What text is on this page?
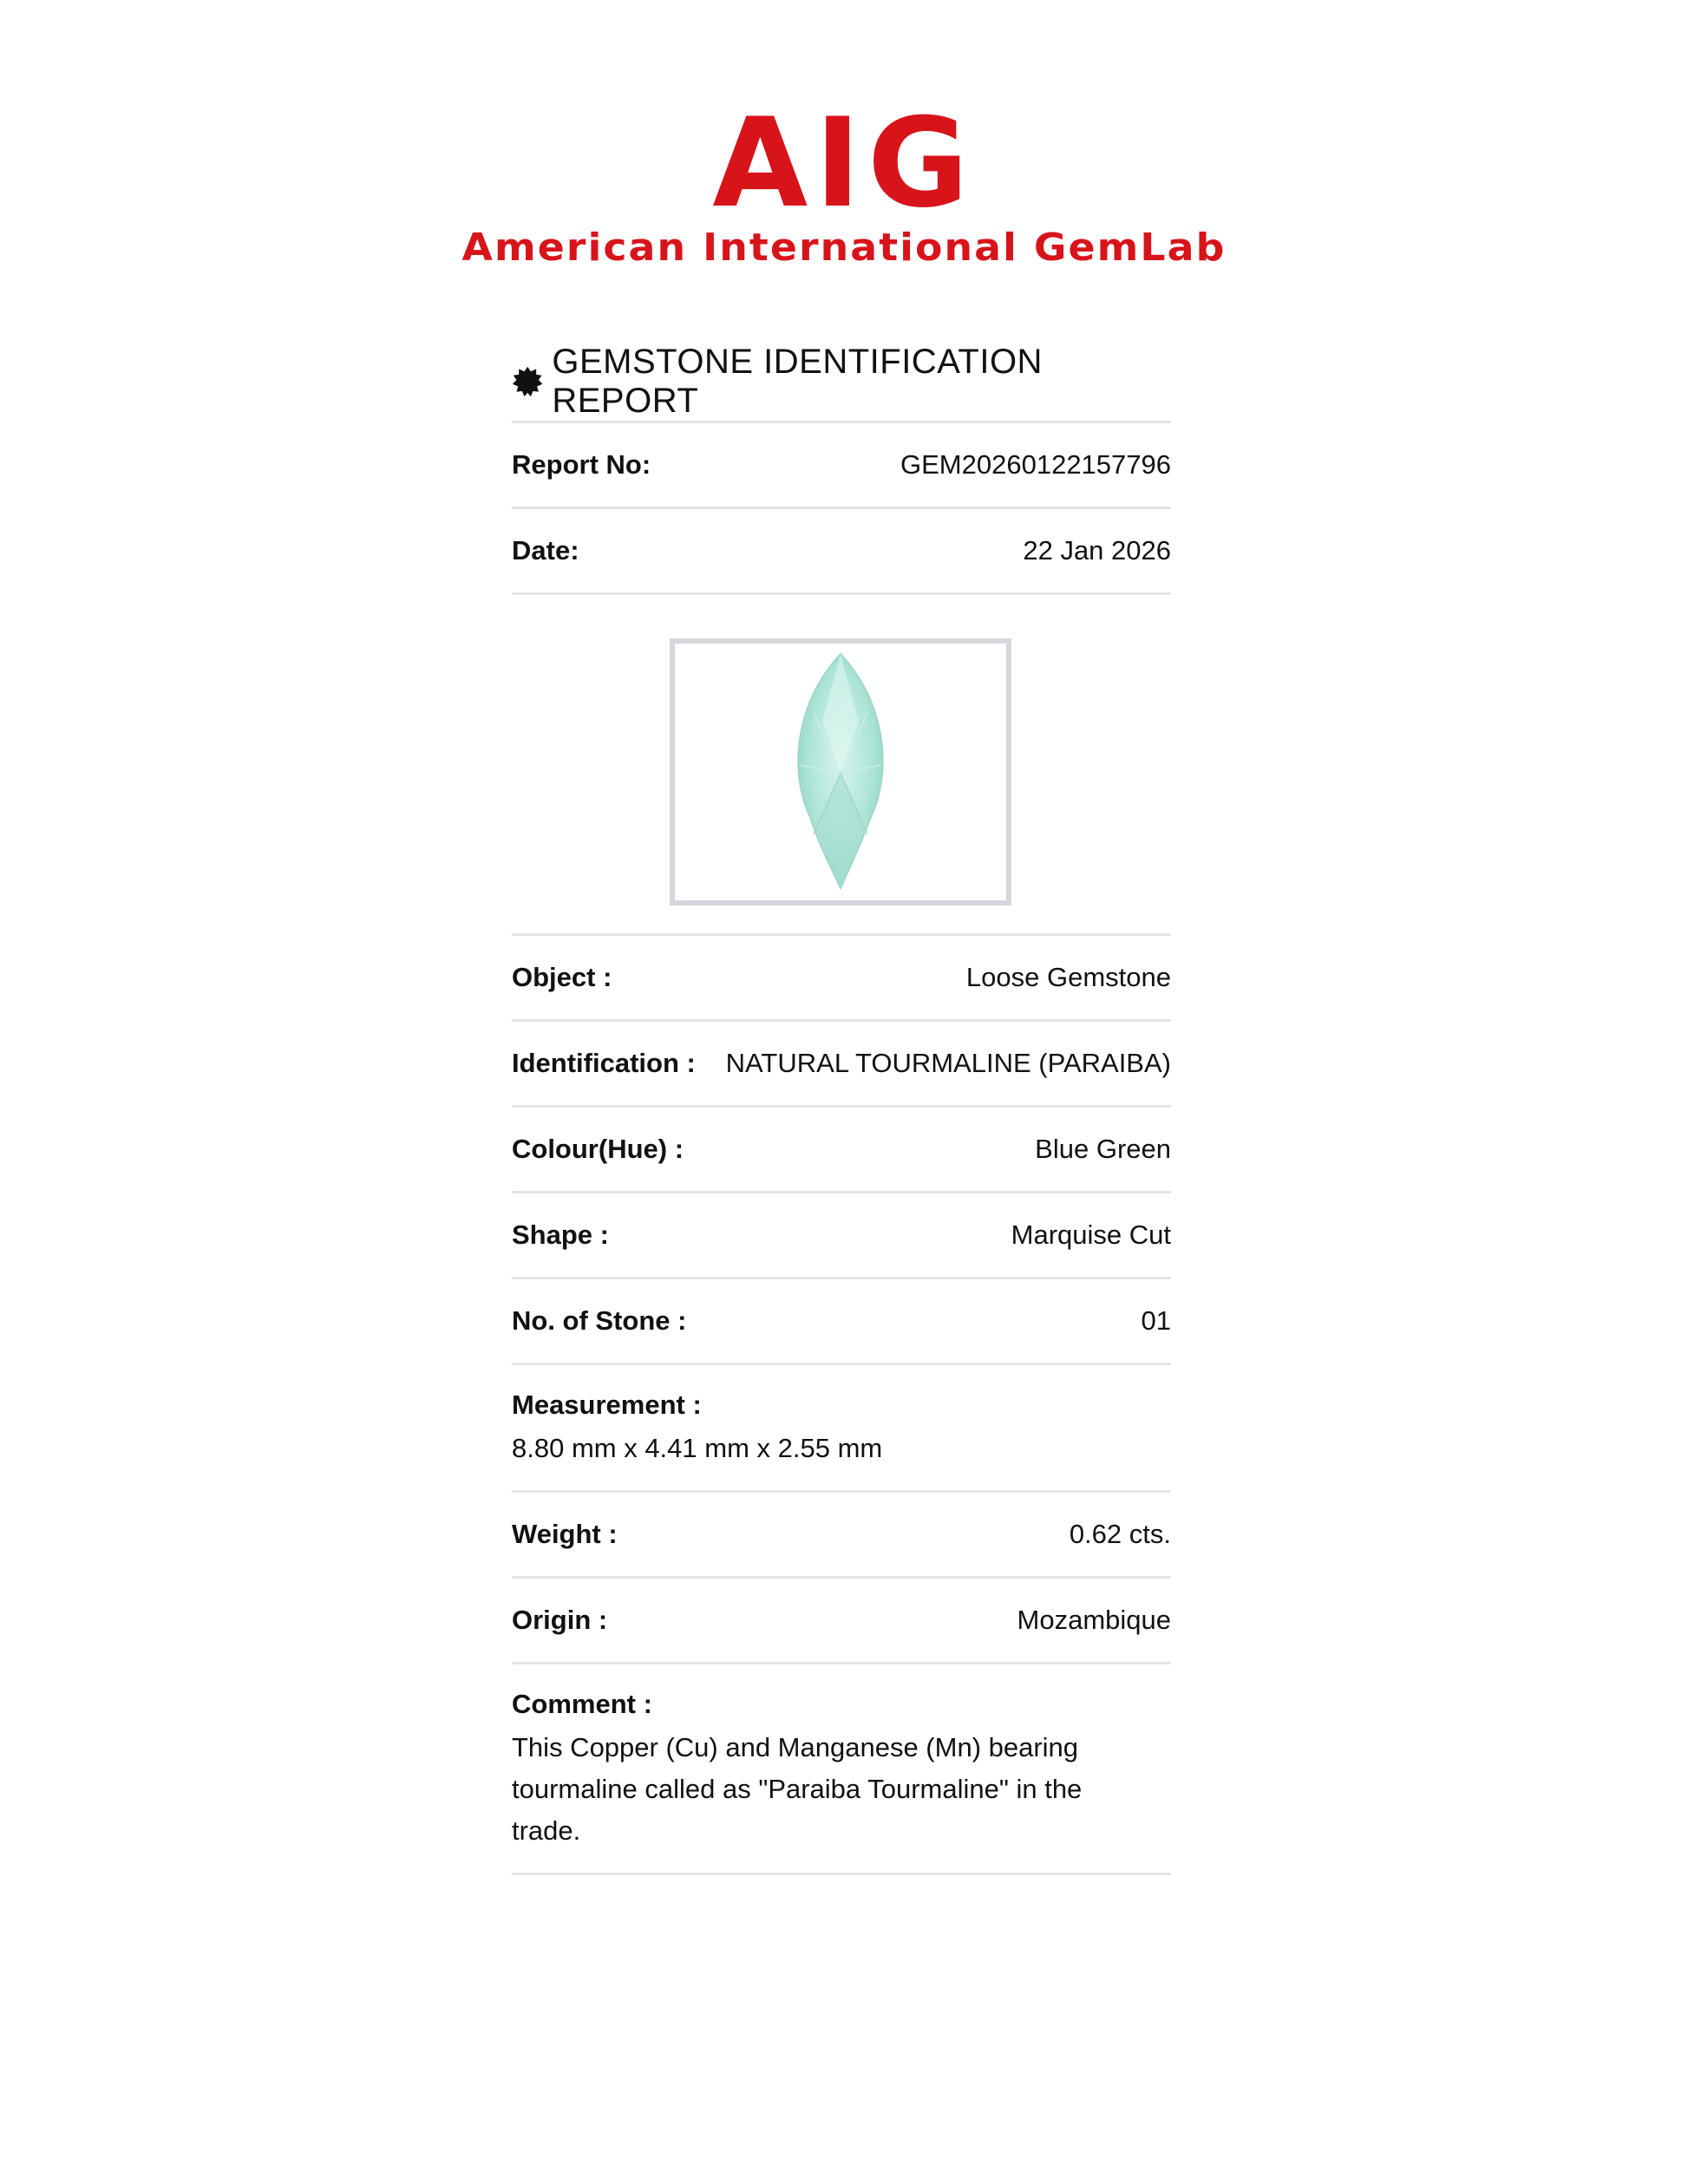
AIG
American International GemLab
GEMSTONE IDENTIFICATION REPORT
Report No:	GEM20260122157796
Date:	22 Jan 2026
Object :	Loose Gemstone
Identification : NATURAL TOURMALINE (PARAIBA)
Colour(Hue) :	Blue Green
Shape :	Marquise Cut
No. of Stone :	01
Measurement :
8.80 mm x 4.41 mm x 2.55 mm
Weight :	0.62 cts.
Origin :	Mozambique
Comment :
This Copper (Cu) and Manganese (Mn) bearing tourmaline called as "Paraiba Tourmaline" in the trade.
